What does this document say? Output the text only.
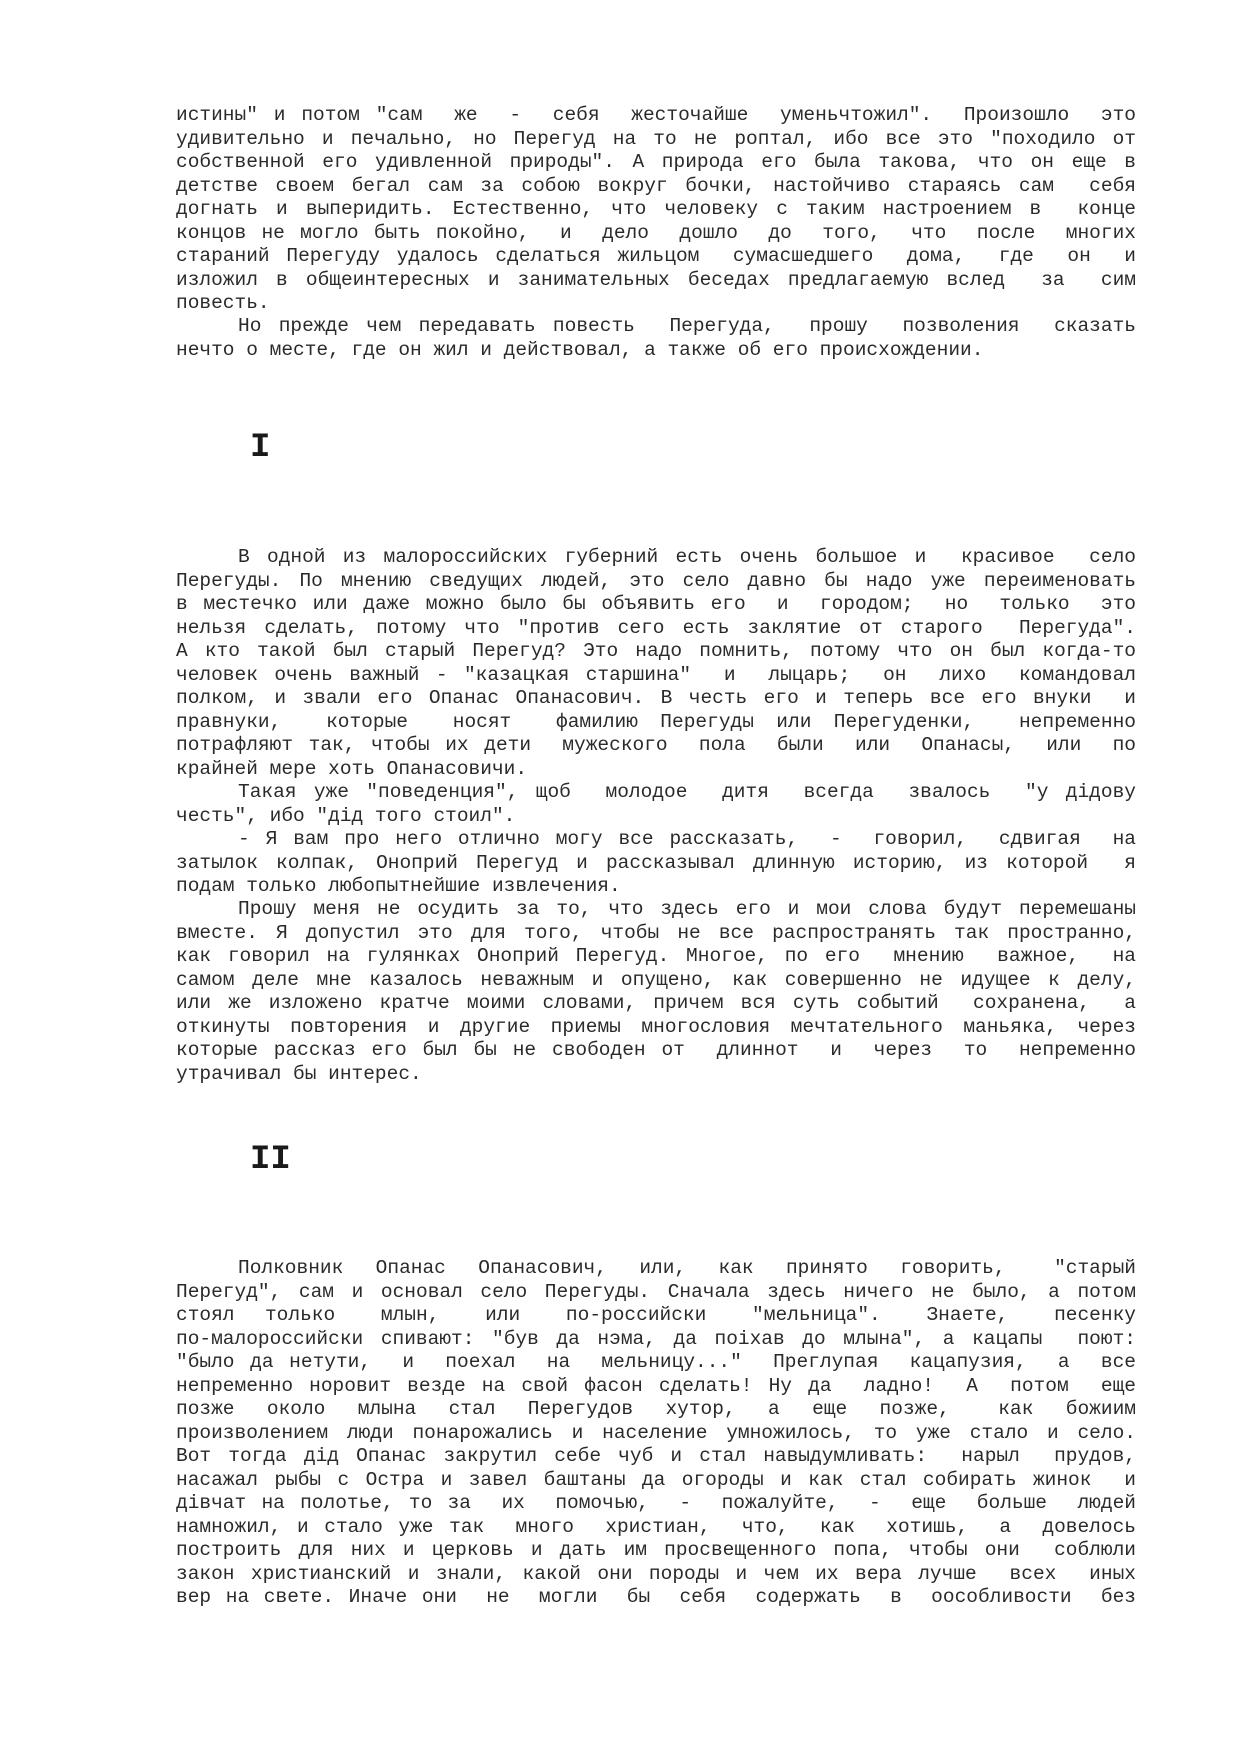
истины" и потом "сам  же  -  себя  жесточайше  уменьчтожил".  Произошло  это
удивительно и печально, но Перегуд на то не роптал, ибо все это "походило от
собственной его удивленной природы". А природа его была такова, что он еще в
детстве своем бегал сам за собою вокруг бочки, настойчиво стараясь сам  себя
догнать и выперидить. Естественно, что человеку с таким настроением в  конце
концов не могло быть покойно,  и  дело  дошло  до  того,  что  после  многих
стараний Перегуду удалось сделаться жильцом  сумасшедшего  дома,  где  он  и
изложил в общеинтересных и занимательных беседах предлагаемую вслед  за  сим
повесть.
Но прежде чем передавать повесть  Перегуда,  прошу  позволения  сказать
нечто о месте, где он жил и действовал, а также об его происхождении.
I
В одной из малороссийских губерний есть очень большое и  красивое  село
Перегуды. По мнению сведущих людей, это село давно бы надо уже переименовать
в местечко или даже можно было бы объявить его  и  городом;  но  только  это
нельзя сделать, потому что "против сего есть заклятие от старого  Перегуда".
А кто такой был старый Перегуд? Это надо помнить, потому что он был когда-то
человек очень важный - "казацкая старшина"  и  лыцарь;  он  лихо  командовал
полком, и звали его Опанас Опанасович. В честь его и теперь все его внуки  и
правнуки,  которые  носят  фамилию Перегуды или Перегуденки,  непременно
потрафляют так, чтобы их дети  мужеского  пола  были  или  Опанасы,  или  по
крайней мере хоть Опанасовичи.
Такая уже "поведенция", щоб  молодое  дитя  всегда  звалось  "у дідову
честь", ибо "дід того стоил".
- Я вам про него отлично могу все рассказать,  -  говорил,  сдвигая  на
затылок колпак, Оноприй Перегуд и рассказывал длинную историю, из которой  я
подам только любопытнейшие извлечения.
Прошу меня не осудить за то, что здесь его и мои слова будут перемешаны
вместе. Я допустил это для того, чтобы не все распространять так пространно,
как говорил на гулянках Оноприй Перегуд. Многое, по его  мнению  важное,  на
самом деле мне казалось неважным и опущено, как совершенно не идущее к делу,
или же изложено кратче моими словами, причем вся суть событий  сохранена,  а
откинуты повторения и другие приемы многословия мечтательного маньяка, через
которые рассказ его был бы не свободен от  длиннот  и  через  то  непременно
утрачивал бы интерес.
II
Полковник  Опанас  Опанасович,  или,  как  принято  говорить,   "старый
Перегуд", сам и основал село Перегуды. Сначала здесь ничего не было, а потом
стоял  только   млын,   или   по-российски   "мельница".   Знаете,   песенку
по-малороссийски спивают: "був да нэма, да поіхав до млына", а кацапы  поют:
"было да нетути,  и  поехал  на  мельницу..."  Преглупая  кацапузия,  а  все
непременно норовит везде на свой фасон сделать! Ну да  ладно!  А  потом  еще
позже  около  млына  стал  Перегудов  хутор,  а  еще  позже,   как  божиим
произволением люди понарожались и население умножилось, то уже стало и село.
Вот тогда дід Опанас закрутил себе чуб и стал навыдумливать:  нарыл  прудов,
насажал рыбы с Остра и завел баштаны да огороды и как стал собирать жинок  и
дівчат на полотье, то за  их  помочью,  -  пожалуйте,  -  еще  больше  людей
намножил, и стало уже так  много  христиан,  что,  как  хотишь,  а  довелось
построить для них и церковь и дать им просвещенного попа, чтобы они  соблюли
закон христианский и знали, какой они породы и чем их вера лучше  всех  иных
вер на свете. Иначе они  не  могли  бы  себя  содержать  в  оособливости  без
